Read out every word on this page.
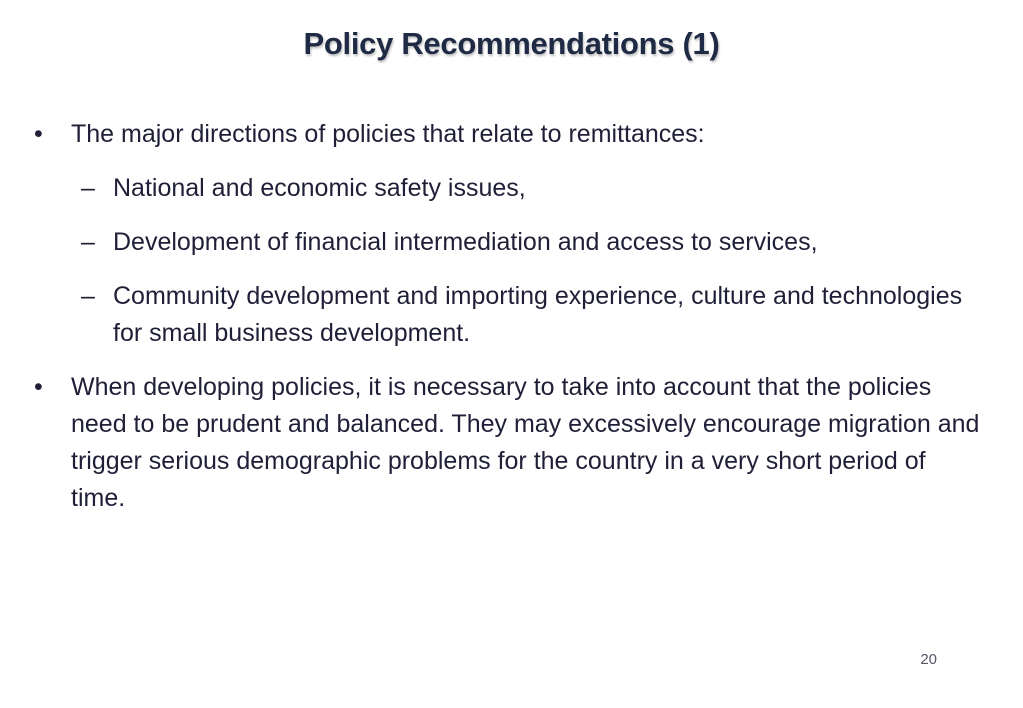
Policy Recommendations (1)
•	The major directions of policies that relate to remittances:
– National and economic safety issues,
– Development of financial intermediation and access to services,
– Community development and importing experience, culture and technologies for small business development.
•	When developing policies, it is necessary to take into account that the policies need to be prudent and balanced. They may excessively encourage migration and trigger serious demographic problems for the country in a very short period of time.
20
